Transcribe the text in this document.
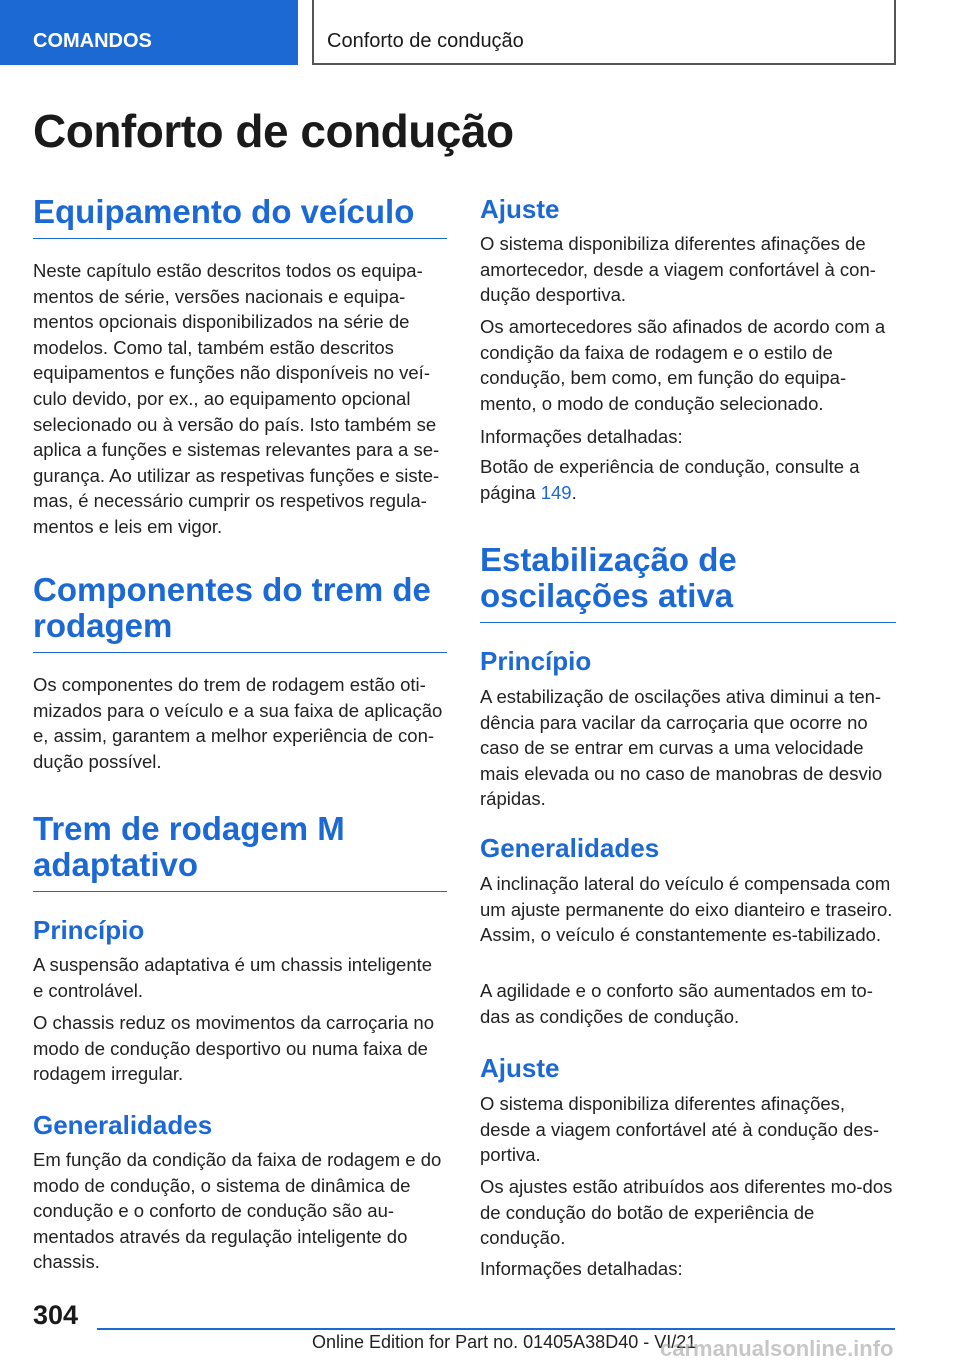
COMANDOS	Conforto de condução
Conforto de condução
Equipamento do veículo

Neste capítulo estão descritos todos os equipa-mentos de série, versões nacionais e equipa-mentos opcionais disponibilizados na série de modelos. Como tal, também estão descritos equipamentos e funções não disponíveis no veí-culo devido, por ex., ao equipamento opcional selecionado ou à versão do país. Isto também se aplica a funções e sistemas relevantes para a se-gurança. Ao utilizar as respetivas funções e siste-mas, é necessário cumprir os respetivos regula-mentos e leis em vigor.

Componentes do trem de rodagem

Os componentes do trem de rodagem estão oti-mizados para o veículo e a sua faixa de aplicação e, assim, garantem a melhor experiência de con-dução possível.

Trem de rodagem M adaptativo
Princípio

A suspensão adaptativa é um chassis inteligente e controlável.

O chassis reduz os movimentos da carroçaria no modo de condução desportivo ou numa faixa de rodagem irregular.

Generalidades

Em função da condição da faixa de rodagem e do modo de condução, o sistema de dinâmica de condução e o conforto de condução são au-mentados através da regulação inteligente do chassis.

Ajuste

O sistema disponibiliza diferentes afinações de amortecedor, desde a viagem confortável à con-dução desportiva.

Os amortecedores são afinados de acordo com a condição da faixa de rodagem e o estilo de condução, bem como, em função do equipa-mento, o modo de condução selecionado.

Informações detalhadas:

Botão de experiência de condução, consulte a página 149.

Estabilização de oscilações ativa
Princípio

A estabilização de oscilações ativa diminui a ten-dência para vacilar da carroçaria que ocorre no caso de se entrar em curvas a uma velocidade mais elevada ou no caso de manobras de desvio rápidas.

Generalidades

A inclinação lateral do veículo é compensada com um ajuste permanente do eixo dianteiro e traseiro. Assim, o veículo é constantemente es-tabilizado.

A agilidade e o conforto são aumentados em to-das as condições de condução.

Ajuste

O sistema disponibiliza diferentes afinações, desde a viagem confortável até à condução des-portiva.

Os ajustes estão atribuídos aos diferentes mo-dos de condução do botão de experiência de condução.

Informações detalhadas:

304
Online Edition for Part no. 01405A38D40 - VI/21
carmanualsonline.info
